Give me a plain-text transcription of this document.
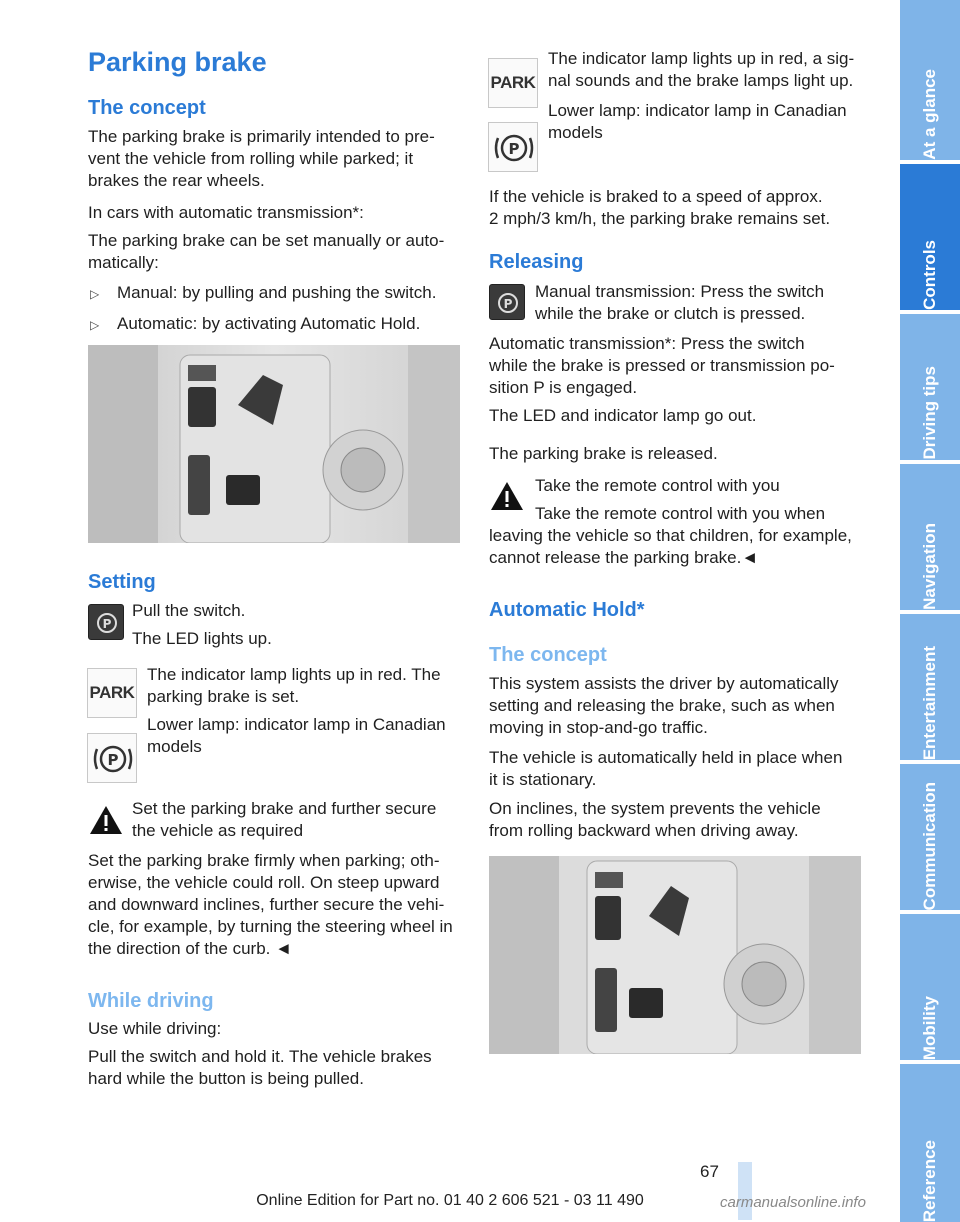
Parking brake
The concept
The parking brake is primarily intended to pre-
vent the vehicle from rolling while parked; it
brakes the rear wheels.
In cars with automatic transmission*:
The parking brake can be set manually or auto-
matically:
▷ Manual: by pulling and pushing the switch.
▷ Automatic: by activating Automatic Hold.
Setting
P
Pull the switch.
The LED lights up.
PARK
The indicator lamp lights up in red. The
parking brake is set.
Lower lamp: indicator lamp in Canadian
models
P
Set the parking brake and further secure
the vehicle as required
Set the parking brake firmly when parking; oth-
erwise, the vehicle could roll. On steep upward
and downward inclines, further secure the vehi-
cle, for example, by turning the steering wheel in
the direction of the curb. ◄
While driving
Use while driving:
Pull the switch and hold it. The vehicle brakes
hard while the button is being pulled.
PARK
The indicator lamp lights up in red, a sig-
nal sounds and the brake lamps light up.
Lower lamp: indicator lamp in Canadian
models
P
If the vehicle is braked to a speed of approx.
2 mph/3 km/h, the parking brake remains set.
Releasing
P
Manual transmission: Press the switch
while the brake or clutch is pressed.
Automatic transmission*: Press the switch
while the brake is pressed or transmission po-
sition P is engaged.
The LED and indicator lamp go out.
The parking brake is released.
Take the remote control with you
Take the remote control with you when
leaving the vehicle so that children, for example,
cannot release the parking brake.◄
Automatic Hold*
The concept
This system assists the driver by automatically
setting and releasing the brake, such as when
moving in stop-and-go traffic.
The vehicle is automatically held in place when
it is stationary.
On inclines, the system prevents the vehicle
from rolling backward when driving away.
At a glance
Controls
Driving tips
Navigation
Entertainment
Communication
Mobility
Reference
67
Online Edition for Part no. 01 40 2 606 521 - 03 11 490	carmanualsonline.info
